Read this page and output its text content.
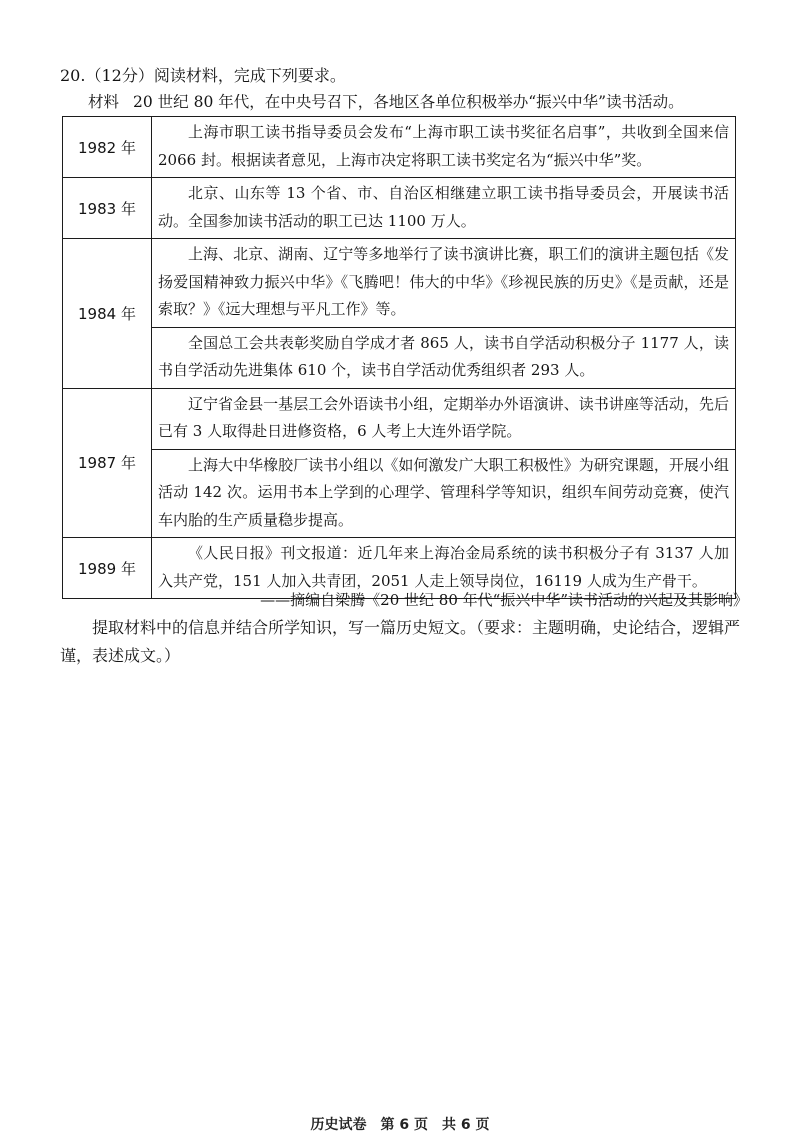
20.（12分）阅读材料，完成下列要求。
材料 20 世纪 80 年代，在中央号召下，各地区各单位积极举办“振兴中华”读书活动。
1982 年	上海市职工读书指导委员会发布“上海市职工读书奖征名启事”，共收到全国来信 2066 封。根据读者意见，上海市决定将职工读书奖定名为“振兴中华”奖。
1983 年	北京、山东等 13 个省、市、自治区相继建立职工读书指导委员会，开展读书活动。全国参加读书活动的职工已达 1100 万人。
1984 年	上海、北京、湖南、辽宁等多地举行了读书演讲比赛，职工们的演讲主题包括《发扬爱国精神致力振兴中华》《飞腾吧！伟大的中华》《珍视民族的历史》《是贡献，还是索取？》《远大理想与平凡工作》等。
	全国总工会共表彰奖励自学成才者 865 人，读书自学活动积极分子 1177 人，读书自学活动先进集体 610 个，读书自学活动优秀组织者 293 人。
1987 年	辽宁省金县一基层工会外语读书小组，定期举办外语演讲、读书讲座等活动，先后已有 3 人取得赴日进修资格，6 人考上大连外语学院。
	上海大中华橡胶厂读书小组以《如何激发广大职工积极性》为研究课题，开展小组活动 142 次。运用书本上学到的心理学、管理科学等知识，组织车间劳动竞赛，使汽车内胎的生产质量稳步提高。
1989 年	《人民日报》刊文报道：近几年来上海冶金局系统的读书积极分子有 3137 人加入共产党，151 人加入共青团，2051 人走上领导岗位，16119 人成为生产骨干。
——摘编自梁腾《20 世纪 80 年代“振兴中华”读书活动的兴起及其影响》
提取材料中的信息并结合所学知识，写一篇历史短文。（要求：主题明确，史论结合，逻辑严谨，表述成文。）
历史试卷　第 6 页　共 6 页
